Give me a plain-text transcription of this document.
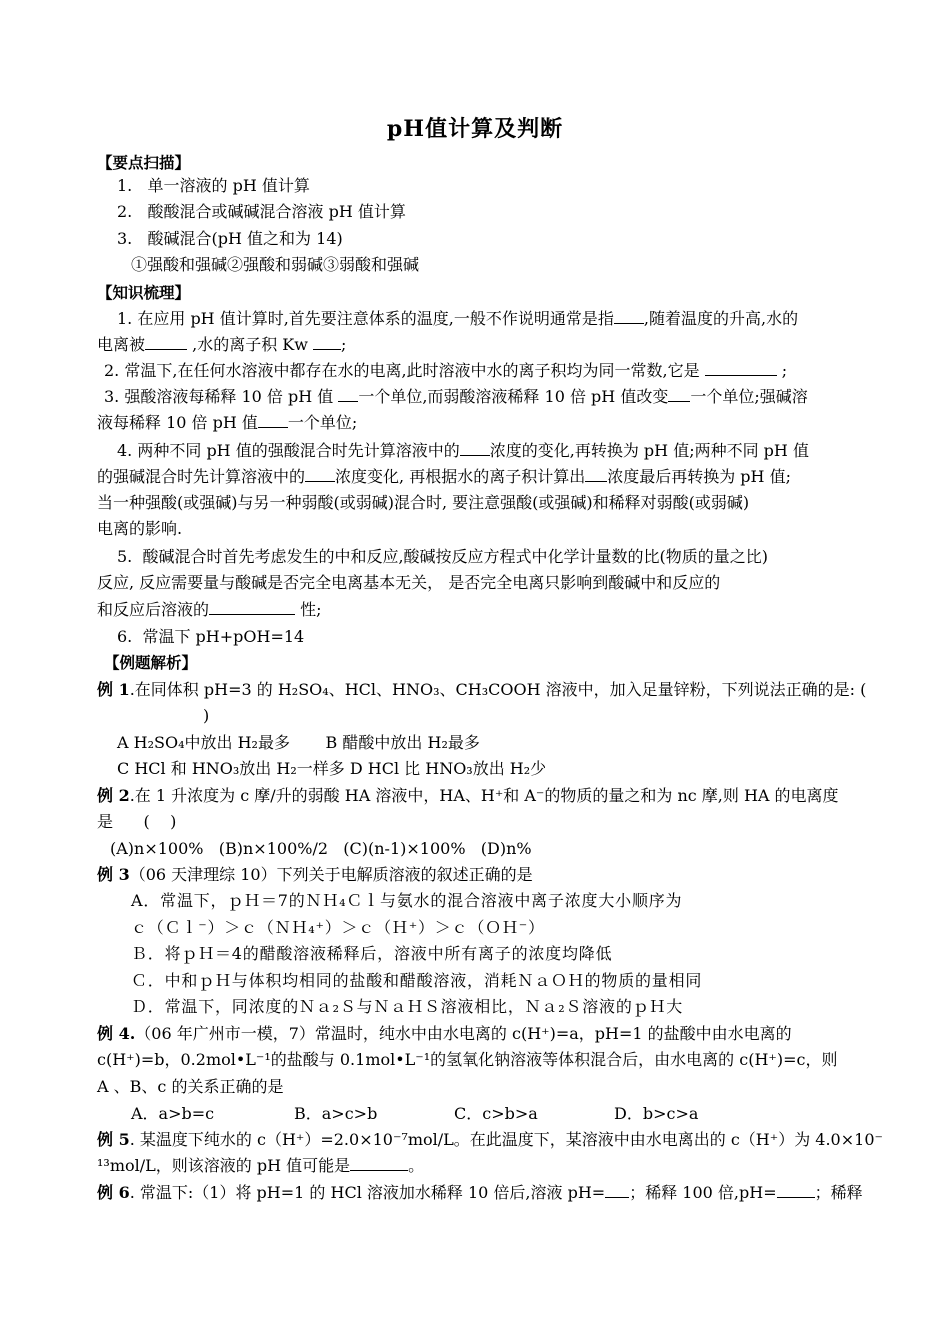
pH值计算及判断
【要点扫描】
1.   单一溶液的 pH 值计算
2.   酸酸混合或碱碱混合溶液 pH 值计算
3.   酸碱混合(pH 值之和为 14)
①强酸和强碱②强酸和弱碱③弱酸和强碱
【知识梳理】
1. 在应用 pH 值计算时,首先要注意体系的温度,一般不作说明通常是指 ,随着温度的升高,水的
电离被	,水的离子积 Kw ;
2. 常温下,在任何水溶液中都存在水的电离,此时溶液中水的离子积均为同一常数,它是	;
3. 强酸溶液每稀释 10 倍 pH 值 一个单位,而弱酸溶液稀释 10 倍 pH 值改变 一个单位;强碱溶
液每稀释 10 倍 pH 值 一个单位;
4. 两种不同 pH 值的强酸混合时先计算溶液中的 浓度的变化,再转换为 pH 值;两种不同 pH 值
的强碱混合时先计算溶液中的 浓度变化, 再根据水的离子积计算出 浓度最后再转换为 pH 值;
当一种强酸(或强碱)与另一种弱酸(或弱碱)混合时, 要注意强酸(或强碱)和稀释对弱酸(或弱碱)
电离的影响.
5.  酸碱混合时首先考虑发生的中和反应,酸碱按反应方程式中化学计量数的比(物质的量之比)
反应, 反应需要量与酸碱是否完全电离基本无关， 是否完全电离只影响到酸碱中和反应的
和反应后溶液的	性;
6.  常温下 pH+pOH=14
【例题解析】
例 1.在同体积 pH=3 的 H₂SO₄、HCl、HNO₃、CH₃COOH 溶液中，加入足量锌粉，下列说法正确的是: (
)
A H₂SO₄中放出 H₂最多       B 醋酸中放出 H₂最多
C HCl 和 HNO₃放出 H₂一样多 D HCl 比 HNO₃放出 H₂少
例 2.在 1 升浓度为 c 摩/升的弱酸 HA 溶液中，HA、H⁺和 A⁻的物质的量之和为 nc 摩,则 HA 的电离度
是      (    )
(A)n×100%   (B)n×100%/2   (C)(n-1)×100%   (D)n%
例 3（06 天津理综 10）下列关于电解质溶液的叙述正确的是
A．常温下，ｐＨ＝7的ＮＨ₄Ｃｌ与氨水的混合溶液中离子浓度大小顺序为
ｃ（Ｃｌ⁻）＞ｃ（ＮＨ₄⁺）＞ｃ（Ｈ⁺）＞ｃ（ＯＨ⁻）
Ｂ．将ｐＨ＝4的醋酸溶液稀释后，溶液中所有离子的浓度均降低
Ｃ．中和ｐＨ与体积均相同的盐酸和醋酸溶液，消耗ＮａＯＨ的物质的量相同
Ｄ．常温下，同浓度的Ｎａ₂Ｓ与ＮａＨＳ溶液相比，Ｎａ₂Ｓ溶液的ｐＨ大
例 4.（06 年广州市一模，7）常温时，纯水中由水电离的 c(H⁺)=a，pH=1 的盐酸中由水电离的
c(H⁺)=b，0.2mol•L⁻¹的盐酸与 0.1mol•L⁻¹的氢氧化钠溶液等体积混合后，由水电离的 c(H⁺)=c，则
A 、B、c 的关系正确的是
A．a>b=c	B．a>c>b	C．c>b>a	D．b>c>a
例 5. 某温度下纯水的 c（H⁺）=2.0×10⁻⁷mol/L。在此温度下，某溶液中由水电离出的 c（H⁺）为 4.0×10⁻
¹³mol/L，则该溶液的 pH 值可能是	。
例 6. 常温下:（1）将 pH=1 的 HCl 溶液加水稀释 10 倍后,溶液 pH= ；稀释 100 倍,pH= ；稀释
